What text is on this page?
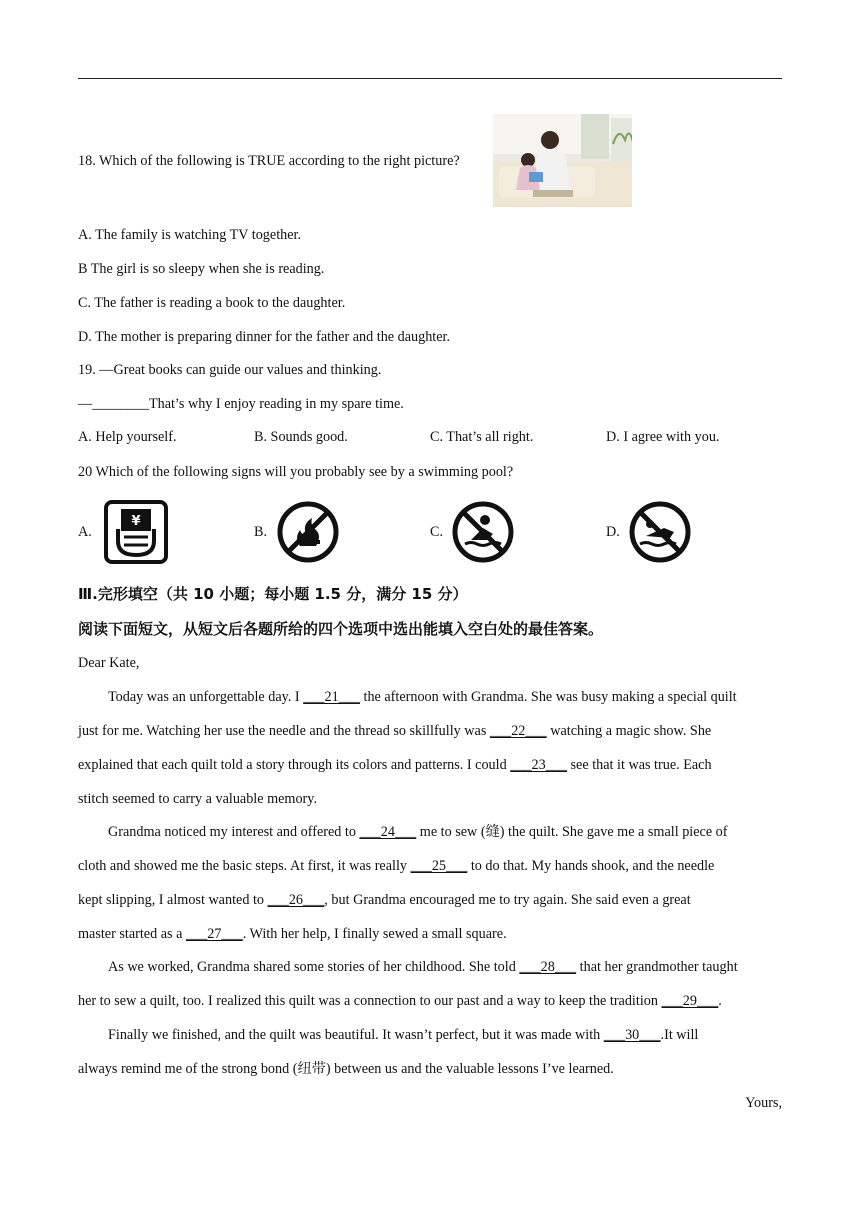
18. Which of the following is TRUE according to the right picture?
A. The family is watching TV together.
B The girl is so sleepy when she is reading.
C. The father is reading a book to the daughter.
D. The mother is preparing dinner for the father and the daughter.
19. —Great books can guide our values and thinking.
—________That’s why I enjoy reading in my spare time.
A. Help yourself.	B. Sounds good.	C. That’s all right.	D. I agree with you.
20 Which of the following signs will you probably see by a swimming pool?
A.
¥
B.	C.	D.
Ⅲ.完形填空（共 10 小题；每小题 1.5 分，满分 15 分）
阅读下面短文，从短文后各题所给的四个选项中选出能填入空白处的最佳答案。
Dear Kate,
Today was an unforgettable day. I ___21___ the afternoon with Grandma. She was busy making a special quilt
just for me. Watching her use the needle and the thread so skillfully was ___22___ watching a magic show. She
explained that each quilt told a story through its colors and patterns. I could ___23___ see that it was true. Each
stitch seemed to carry a valuable memory.
Grandma noticed my interest and offered to ___24___ me to sew (缝) the quilt. She gave me a small piece of
cloth and showed me the basic steps. At first, it was really ___25___ to do that. My hands shook, and the needle
kept slipping, I almost wanted to ___26___, but Grandma encouraged me to try again. She said even a great
master started as a ___27___. With her help, I finally sewed a small square.
As we worked, Grandma shared some stories of her childhood. She told ___28___ that her grandmother taught
her to sew a quilt, too. I realized this quilt was a connection to our past and a way to keep the tradition ___29___.
Finally we finished, and the quilt was beautiful. It wasn’t perfect, but it was made with ___30___.It will
always remind me of the strong bond (纽带) between us and the valuable lessons I’ve learned.
Yours,
